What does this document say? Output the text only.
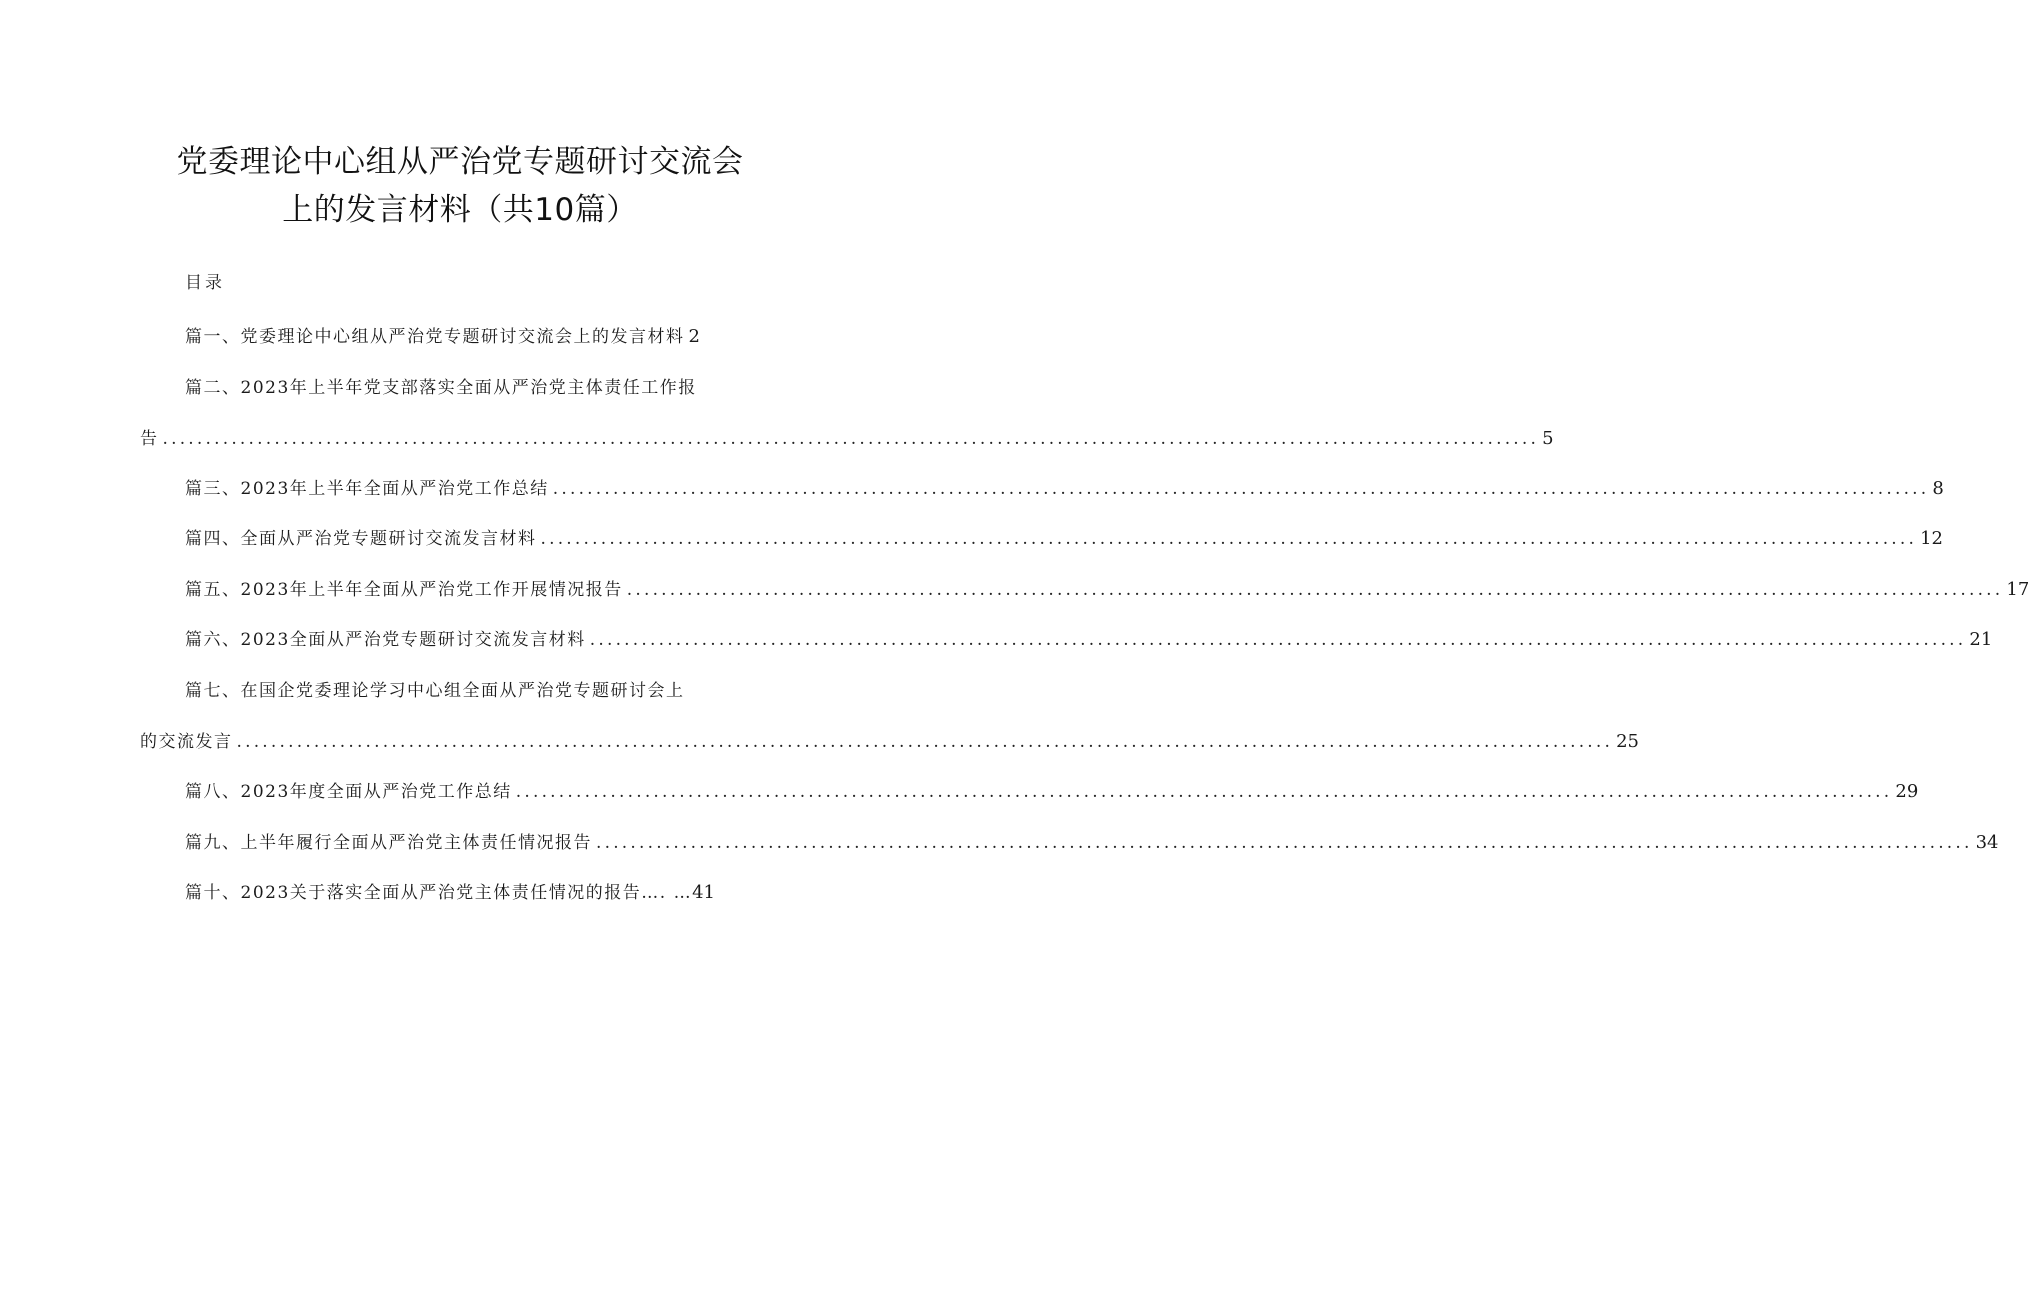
党委理论中心组从严治党专题研讨交流会
上的发言材料（共10篇）
目录
篇一、党委理论中心组从严治党专题研讨交流会上的发言材料 2
篇二、2023年上半年党支部落实全面从严治党主体责任工作报
告 ................................................................................................................................................................ 5
篇三、2023年上半年全面从严治党工作总结 ................................................................................................................................................................ 8
篇四、全面从严治党专题研讨交流发言材料 ................................................................................................................................................................ 12
篇五、2023年上半年全面从严治党工作开展情况报告 ................................................................................................................................................................ 17
篇六、2023全面从严治党专题研讨交流发言材料 ................................................................................................................................................................ 21
篇七、在国企党委理论学习中心组全面从严治党专题研讨会上
的交流发言 ................................................................................................................................................................ 25
篇八、2023年度全面从严治党工作总结 ................................................................................................................................................................ 29
篇九、上半年履行全面从严治党主体责任情况报告 ................................................................................................................................................................ 34
篇十、2023关于落实全面从严治党主体责任情况的报告 …. … 41
